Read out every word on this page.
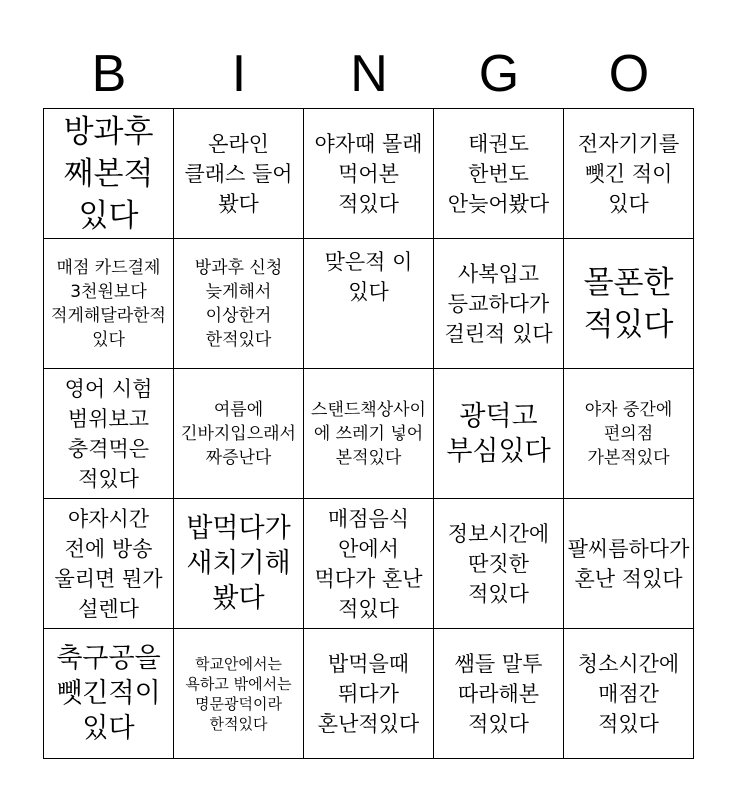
B	I	N	G	O
방과후 째본적 있다
온라인 클래스 들어 봤다
야자때 몰래 먹어본 적있다
태권도 한번도 안늦어봤다
전자기기를 뺏긴 적이 있다
매점 카드결제 3천원보다 적게해달라한적있다
방과후 신청 늦게해서 이상한거 한적있다
맞은적 이 있다
사복입고 등교하다가 걸린적 있다
몰폰한 적있다
영어 시험 범위보고 충격먹은 적있다
여름에 긴바지입으래서 짜증난다
스탠드책상사이에 쓰레기 넣어 본적있다
광덕고 부심있다
야자 중간에 편의점 가본적있다
야자시간 전에 방송 울리면 뭔가 설렌다
밥먹다가 새치기해 봤다
매점음식 안에서 먹다가 혼난 적있다
정보시간에 딴짓한 적있다
팔씨름하다가 혼난 적있다
축구공을 뺏긴적이 있다
학교안에서는 욕하고 밖에서는 명문광덕이라 한적있다
밥먹을때 뛰다가 혼난적있다
쌤들 말투 따라해본 적있다
청소시간에 매점간 적있다
